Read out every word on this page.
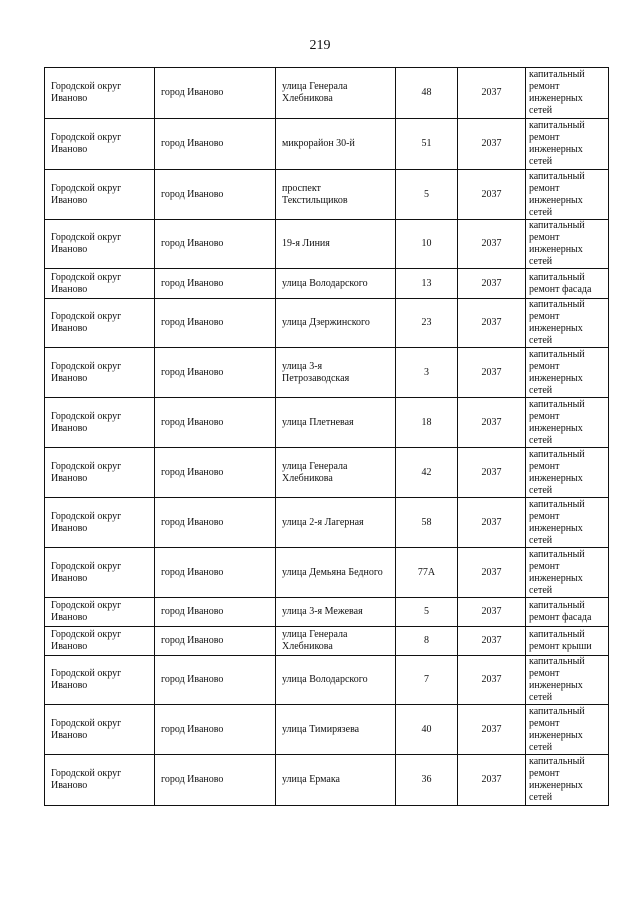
219
Городской округ Иваново	город Иваново	улица Генерала Хлебникова	48	2037	капитальный ремонт инженерных сетей
Городской округ Иваново	город Иваново	микрорайон 30-й	51	2037	капитальный ремонт инженерных сетей
Городской округ Иваново	город Иваново	проспект Текстильщиков	5	2037	капитальный ремонт инженерных сетей
Городской округ Иваново	город Иваново	19-я Линия	10	2037	капитальный ремонт инженерных сетей
Городской округ Иваново	город Иваново	улица Володарского	13	2037	капитальный ремонт фасада
Городской округ Иваново	город Иваново	улица Дзержинского	23	2037	капитальный ремонт инженерных сетей
Городской округ Иваново	город Иваново	улица 3-я Петрозаводская	3	2037	капитальный ремонт инженерных сетей
Городской округ Иваново	город Иваново	улица Плетневая	18	2037	капитальный ремонт инженерных сетей
Городской округ Иваново	город Иваново	улица Генерала Хлебникова	42	2037	капитальный ремонт инженерных сетей
Городской округ Иваново	город Иваново	улица 2-я Лагерная	58	2037	капитальный ремонт инженерных сетей
Городской округ Иваново	город Иваново	улица Демьяна Бедного	77А	2037	капитальный ремонт инженерных сетей
Городской округ Иваново	город Иваново	улица 3-я Межевая	5	2037	капитальный ремонт фасада
Городской округ Иваново	город Иваново	улица Генерала Хлебникова	8	2037	капитальный ремонт крыши
Городской округ Иваново	город Иваново	улица Володарского	7	2037	капитальный ремонт инженерных сетей
Городской округ Иваново	город Иваново	улица Тимирязева	40	2037	капитальный ремонт инженерных сетей
Городской округ Иваново	город Иваново	улица Ермака	36	2037	капитальный ремонт инженерных сетей
